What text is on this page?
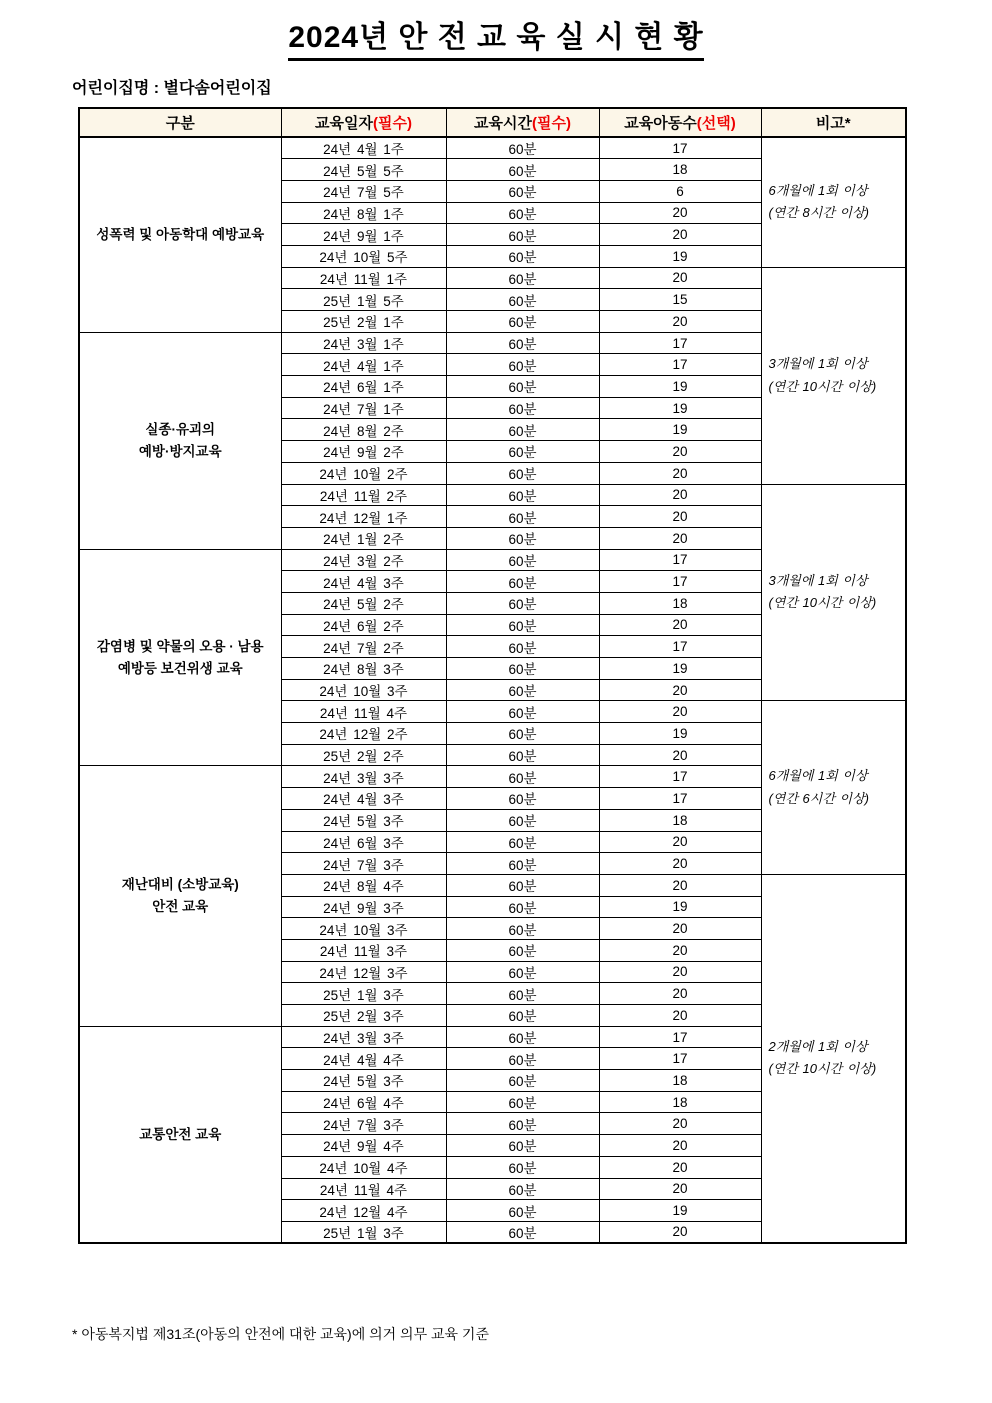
2024년 안 전 교 육 실 시 현 황
어린이집명 : 별다솜어린이집
구분	교육일자(필수)	교육시간(필수)	교육아동수(선택)	비고*
성폭력 및 아동학대 예방교육	24년 4월 1주	60분	17	6개월에 1회 이상
(연간 8시간 이상)
	24년 5월 5주	60분	18	
	24년 7월 5주	60분	6	
	24년 8월 1주	60분	20	
	24년 9월 1주	60분	20	
	24년 10월 5주	60분	19	
	24년 11월 1주	60분	20	3개월에 1회 이상
(연간 10시간 이상)
	25년 1월 5주	60분	15	
	25년 2월 1주	60분	20	
실종·유괴의
예방·방지교육	24년 3월 1주	60분	17	
	24년 4월 1주	60분	17	
	24년 6월 1주	60분	19	
	24년 7월 1주	60분	19	
	24년 8월 2주	60분	19	
	24년 9월 2주	60분	20	
	24년 10월 2주	60분	20	
	24년 11월 2주	60분	20	3개월에 1회 이상
(연간 10시간 이상)
	24년 12월 1주	60분	20	
	24년 1월 2주	60분	20	
감염병 및 약물의 오용 · 남용
예방등 보건위생 교육	24년 3월 2주	60분	17	
	24년 4월 3주	60분	17	
	24년 5월 2주	60분	18	
	24년 6월 2주	60분	20	
	24년 7월 2주	60분	17	
	24년 8월 3주	60분	19	
	24년 10월 3주	60분	20	
	24년 11월 4주	60분	20	6개월에 1회 이상
(연간 6시간 이상)
	24년 12월 2주	60분	19	
	25년 2월 2주	60분	20	
재난대비 (소방교육)
안전 교육	24년 3월 3주	60분	17	
	24년 4월 3주	60분	17	
	24년 5월 3주	60분	18	
	24년 6월 3주	60분	20	
	24년 7월 3주	60분	20	
	24년 8월 4주	60분	20	2개월에 1회 이상
(연간 10시간 이상)
	24년 9월 3주	60분	19	
	24년 10월 3주	60분	20	
	24년 11월 3주	60분	20	
	24년 12월 3주	60분	20	
	25년 1월 3주	60분	20	
	25년 2월 3주	60분	20	
교통안전 교육	24년 3월 3주	60분	17	
	24년 4월 4주	60분	17	
	24년 5월 3주	60분	18	
	24년 6월 4주	60분	18	
	24년 7월 3주	60분	20	
	24년 9월 4주	60분	20	
	24년 10월 4주	60분	20	
	24년 11월 4주	60분	20	
	24년 12월 4주	60분	19	
	25년 1월 3주	60분	20	
* 아동복지법 제31조(아동의 안전에 대한 교육)에 의거 의무 교육 기준
